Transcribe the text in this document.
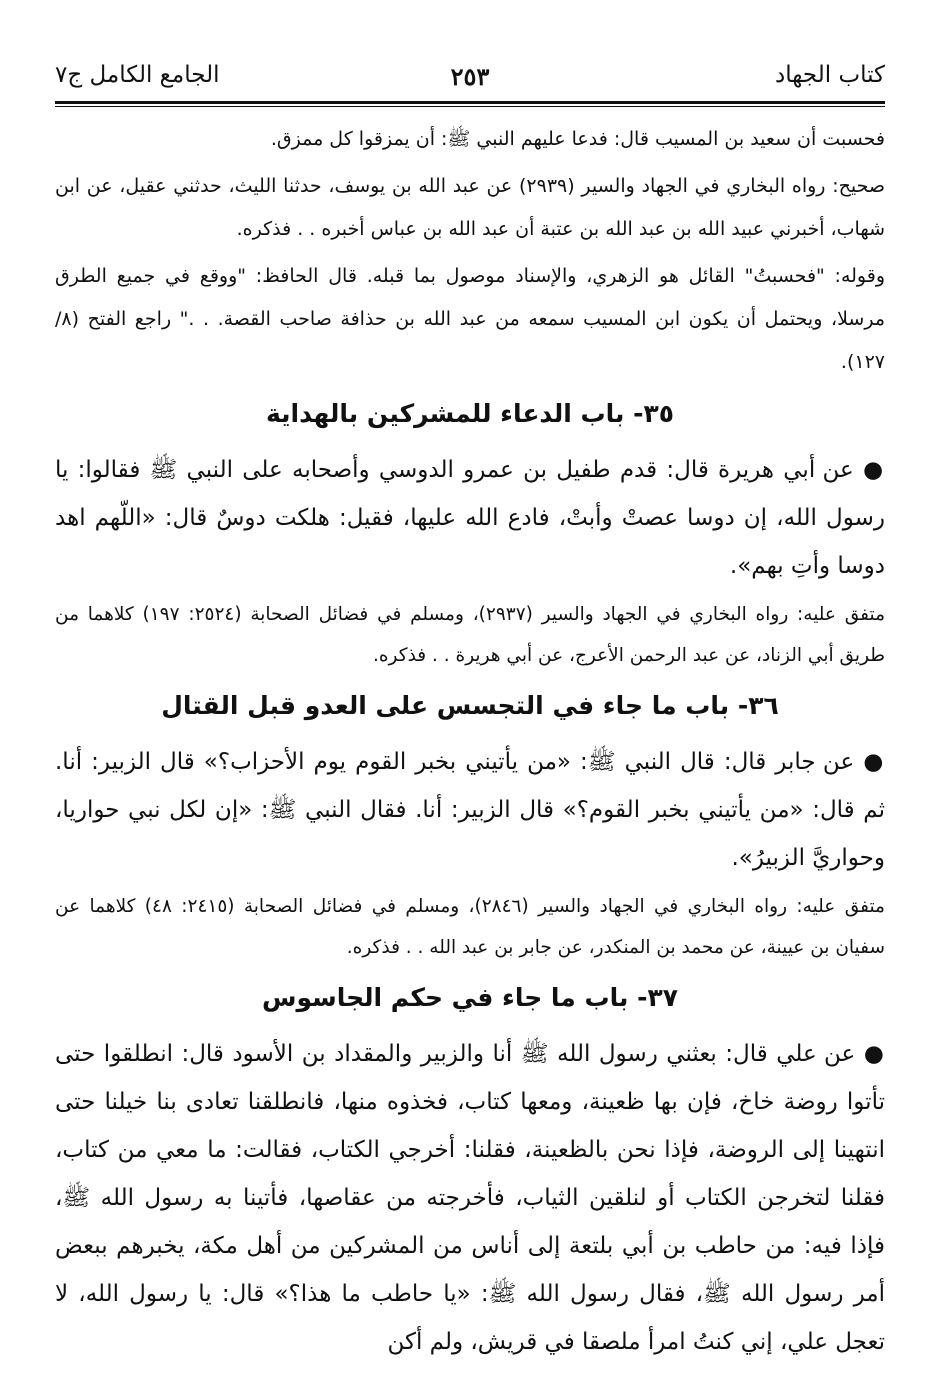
كتاب الجهاد
٢٥٣
الجامع الكامل ج٧

فحسبت أن سعيد بن المسيب قال: فدعا عليهم النبي ﷺ: أن يمزقوا كل ممزق.

صحيح: رواه البخاري في الجهاد والسير (٢٩٣٩) عن عبد الله بن يوسف، حدثنا الليث، حدثني عقيل، عن ابن شهاب، أخبرني عبيد الله بن عبد الله بن عتبة أن عبد الله بن عباس أخبره . . فذكره.

وقوله: "فحسبتُ" القائل هو الزهري، والإسناد موصول بما قبله. قال الحافظ: "ووقع في جميع الطرق مرسلا، ويحتمل أن يكون ابن المسيب سمعه من عبد الله بن حذافة صاحب القصة. . ." راجع الفتح (٨/ ١٢٧).

٣٥- باب الدعاء للمشركين بالهداية

● عن أبي هريرة قال: قدم طفيل بن عمرو الدوسي وأصحابه على النبي ﷺ فقالوا: يا رسول الله، إن دوسا عصتْ وأبتْ، فادع الله عليها، فقيل: هلكت دوسٌ قال: «اللّهم اهد دوسا وأتِ بهم».

متفق عليه: رواه البخاري في الجهاد والسير (٢٩٣٧)، ومسلم في فضائل الصحابة (٢٥٢٤: ١٩٧) كلاهما من طريق أبي الزناد، عن عبد الرحمن الأعرج، عن أبي هريرة . . فذكره.

٣٦- باب ما جاء في التجسس على العدو قبل القتال

● عن جابر قال: قال النبي ﷺ: «من يأتيني بخبر القوم يوم الأحزاب؟» قال الزبير: أنا. ثم قال: «من يأتيني بخبر القوم؟» قال الزبير: أنا. فقال النبي ﷺ: «إن لكل نبي حواريا، وحواريَّ الزبيرُ».

متفق عليه: رواه البخاري في الجهاد والسير (٢٨٤٦)، ومسلم في فضائل الصحابة (٢٤١٥: ٤٨) كلاهما عن سفيان بن عيينة، عن محمد بن المنكدر، عن جابر بن عبد الله . . فذكره.

٣٧- باب ما جاء في حكم الجاسوس

● عن علي قال: بعثني رسول الله ﷺ أنا والزبير والمقداد بن الأسود قال: انطلقوا حتى تأتوا روضة خاخ، فإن بها ظعينة، ومعها كتاب، فخذوه منها، فانطلقنا تعادى بنا خيلنا حتى انتهينا إلى الروضة، فإذا نحن بالظعينة، فقلنا: أخرجي الكتاب، فقالت: ما معي من كتاب، فقلنا لتخرجن الكتاب أو لنلقين الثياب، فأخرجته من عقاصها، فأتينا به رسول الله ﷺ، فإذا فيه: من حاطب بن أبي بلتعة إلى أناس من المشركين من أهل مكة، يخبرهم ببعض أمر رسول الله ﷺ، فقال رسول الله ﷺ: «يا حاطب ما هذا؟» قال: يا رسول الله، لا تعجل علي، إني كنتُ امرأ ملصقا في قريش، ولم أكن
